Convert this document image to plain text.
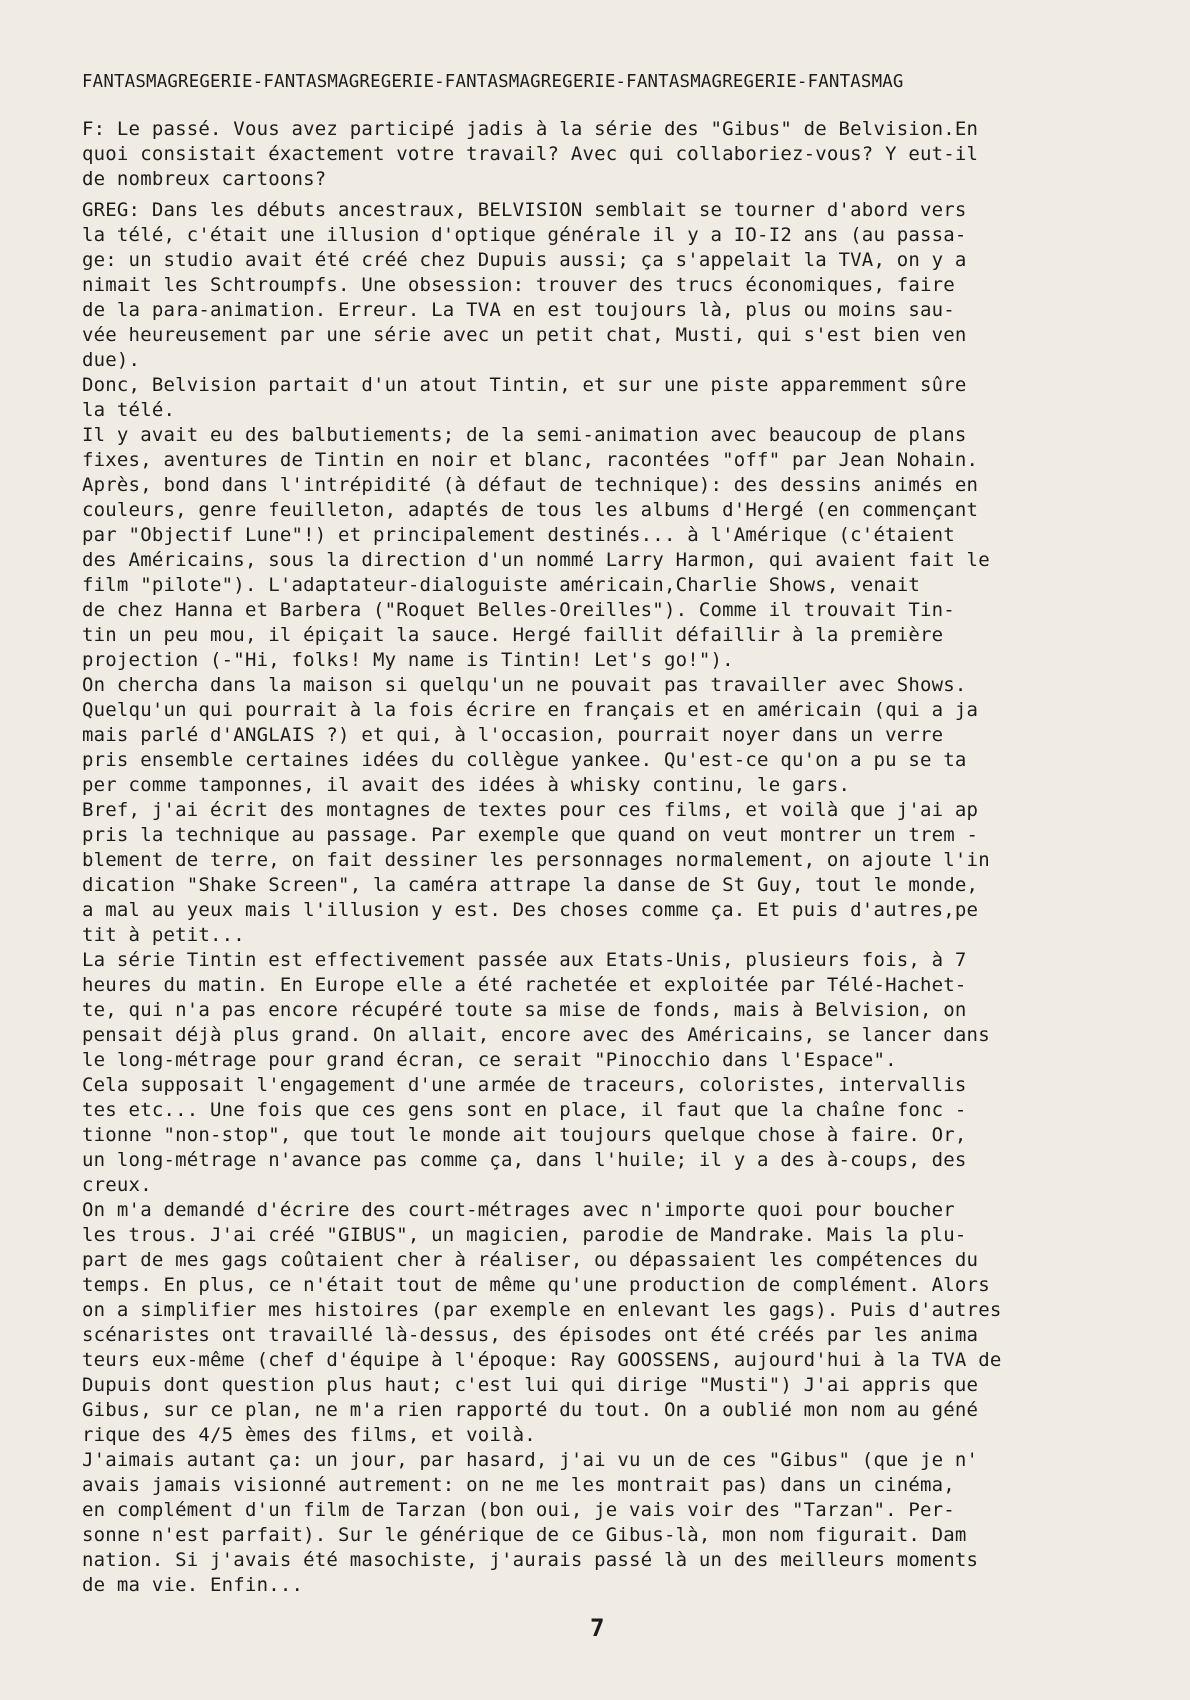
FANTASMAGREGERIE-FANTASMAGREGERIE-FANTASMAGREGERIE-FANTASMAGREGERIE-FANTASMAG
F: Le passé. Vous avez participé jadis à la série des "Gibus" de Belvision.En
quoi consistait éxactement votre travail? Avec qui collaboriez-vous? Y eut-il
de nombreux cartoons?
GREG: Dans les débuts ancestraux, BELVISION semblait se tourner d'abord vers
la télé, c'était une illusion d'optique générale il y a IO-I2 ans (au passa-
ge: un studio avait été créé chez Dupuis aussi; ça s'appelait la TVA, on y a
nimait les Schtroumpfs. Une obsession: trouver des trucs économiques, faire
de la para-animation. Erreur. La TVA en est toujours là, plus ou moins sau-
vée heureusement par une série avec un petit chat, Musti, qui s'est bien ven
due).
Donc, Belvision partait d'un atout Tintin, et sur une piste apparemment sûre
la télé.
Il y avait eu des balbutiements; de la semi-animation avec beaucoup de plans
fixes, aventures de Tintin en noir et blanc, racontées "off" par Jean Nohain.
Après, bond dans l'intrépidité (à défaut de technique): des dessins animés en
couleurs, genre feuilleton, adaptés de tous les albums d'Hergé (en commençant
par "Objectif Lune"!) et principalement destinés... à l'Amérique (c'étaient
des Américains, sous la direction d'un nommé Larry Harmon, qui avaient fait le
film "pilote"). L'adaptateur-dialoguiste américain,Charlie Shows, venait
de chez Hanna et Barbera ("Roquet Belles-Oreilles"). Comme il trouvait Tin-
tin un peu mou, il épiçait la sauce. Hergé faillit défaillir à la première
projection (-"Hi, folks! My name is Tintin! Let's go!").
On chercha dans la maison si quelqu'un ne pouvait pas travailler avec Shows.
Quelqu'un qui pourrait à la fois écrire en français et en américain (qui a ja
mais parlé d'ANGLAIS ?) et qui, à l'occasion, pourrait noyer dans un verre
pris ensemble certaines idées du collègue yankee. Qu'est-ce qu'on a pu se ta
per comme tamponnes, il avait des idées à whisky continu, le gars.
Bref, j'ai écrit des montagnes de textes pour ces films, et voilà que j'ai ap
pris la technique au passage. Par exemple que quand on veut montrer un trem -
blement de terre, on fait dessiner les personnages normalement, on ajoute l'in
dication "Shake Screen", la caméra attrape la danse de St Guy, tout le monde,
a mal au yeux mais l'illusion y est. Des choses comme ça. Et puis d'autres,pe
tit à petit...
La série Tintin est effectivement passée aux Etats-Unis, plusieurs fois, à 7
heures du matin. En Europe elle a été rachetée et exploitée par Télé-Hachet-
te, qui n'a pas encore récupéré toute sa mise de fonds, mais à Belvision, on
pensait déjà plus grand. On allait, encore avec des Américains, se lancer dans
le long-métrage pour grand écran, ce serait "Pinocchio dans l'Espace".
Cela supposait l'engagement d'une armée de traceurs, coloristes, intervallis
tes etc... Une fois que ces gens sont en place, il faut que la chaîne fonc -
tionne "non-stop", que tout le monde ait toujours quelque chose à faire. Or,
un long-métrage n'avance pas comme ça, dans l'huile; il y a des à-coups, des
creux.
On m'a demandé d'écrire des court-métrages avec n'importe quoi pour boucher
les trous. J'ai créé "GIBUS", un magicien, parodie de Mandrake. Mais la plu-
part de mes gags coûtaient cher à réaliser, ou dépassaient les compétences du
temps. En plus, ce n'était tout de même qu'une production de complément. Alors
on a simplifier mes histoires (par exemple en enlevant les gags). Puis d'autres
scénaristes ont travaillé là-dessus, des épisodes ont été créés par les anima
teurs eux-même (chef d'équipe à l'époque: Ray GOOSSENS, aujourd'hui à la TVA de
Dupuis dont question plus haut; c'est lui qui dirige "Musti") J'ai appris que
Gibus, sur ce plan, ne m'a rien rapporté du tout. On a oublié mon nom au géné
rique des 4/5 èmes des films, et voilà.
J'aimais autant ça: un jour, par hasard, j'ai vu un de ces "Gibus" (que je n'
avais jamais visionné autrement: on ne me les montrait pas) dans un cinéma,
en complément d'un film de Tarzan (bon oui, je vais voir des "Tarzan". Per-
sonne n'est parfait). Sur le générique de ce Gibus-là, mon nom figurait. Dam
nation. Si j'avais été masochiste, j'aurais passé là un des meilleurs moments
de ma vie. Enfin...
7
